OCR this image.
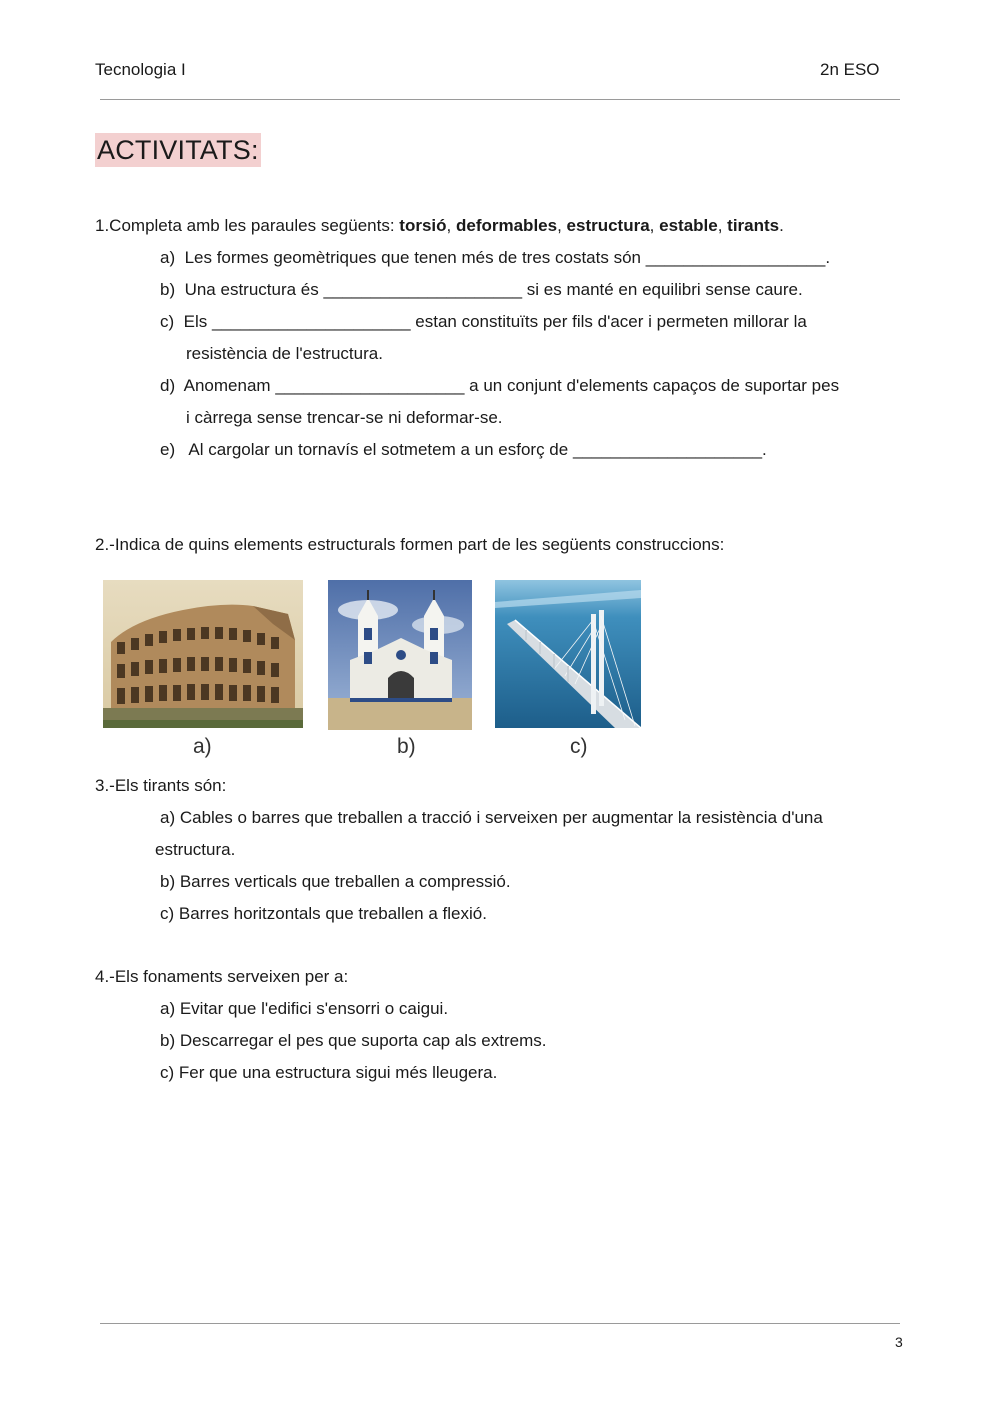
Tecnologia I	2n ESO
ACTIVITATS:
1.Completa amb les paraules següents: torsió, deformables, estructura, estable, tirants.
a) Les formes geomètriques que tenen més de tres costats són ___________________.
b) Una estructura és _____________________ si es manté en equilibri sense caure.
c) Els _____________________ estan constituïts per fils d'acer i permeten millorar la
resistència de l'estructura.
d) Anomenam ____________________ a un conjunt d'elements capaços de suportar pes
i càrrega sense trencar-se ni deformar-se.
e) Al cargolar un tornavís el sotmetem a un esforç de ____________________.
2.-Indica de quins elements estructurals formen part de les següents construccions:
a)	b)	c)
3.-Els tirants són:
a) Cables o barres que treballen a tracció i serveixen per augmentar la resistència d'una
estructura.
b) Barres verticals que treballen a compressió.
c) Barres horitzontals que treballen a flexió.
4.-Els fonaments serveixen per a:
a) Evitar que l'edifici s'ensorri o caigui.
b) Descarregar el pes que suporta cap als extrems.
c) Fer que una estructura sigui més lleugera.
3
